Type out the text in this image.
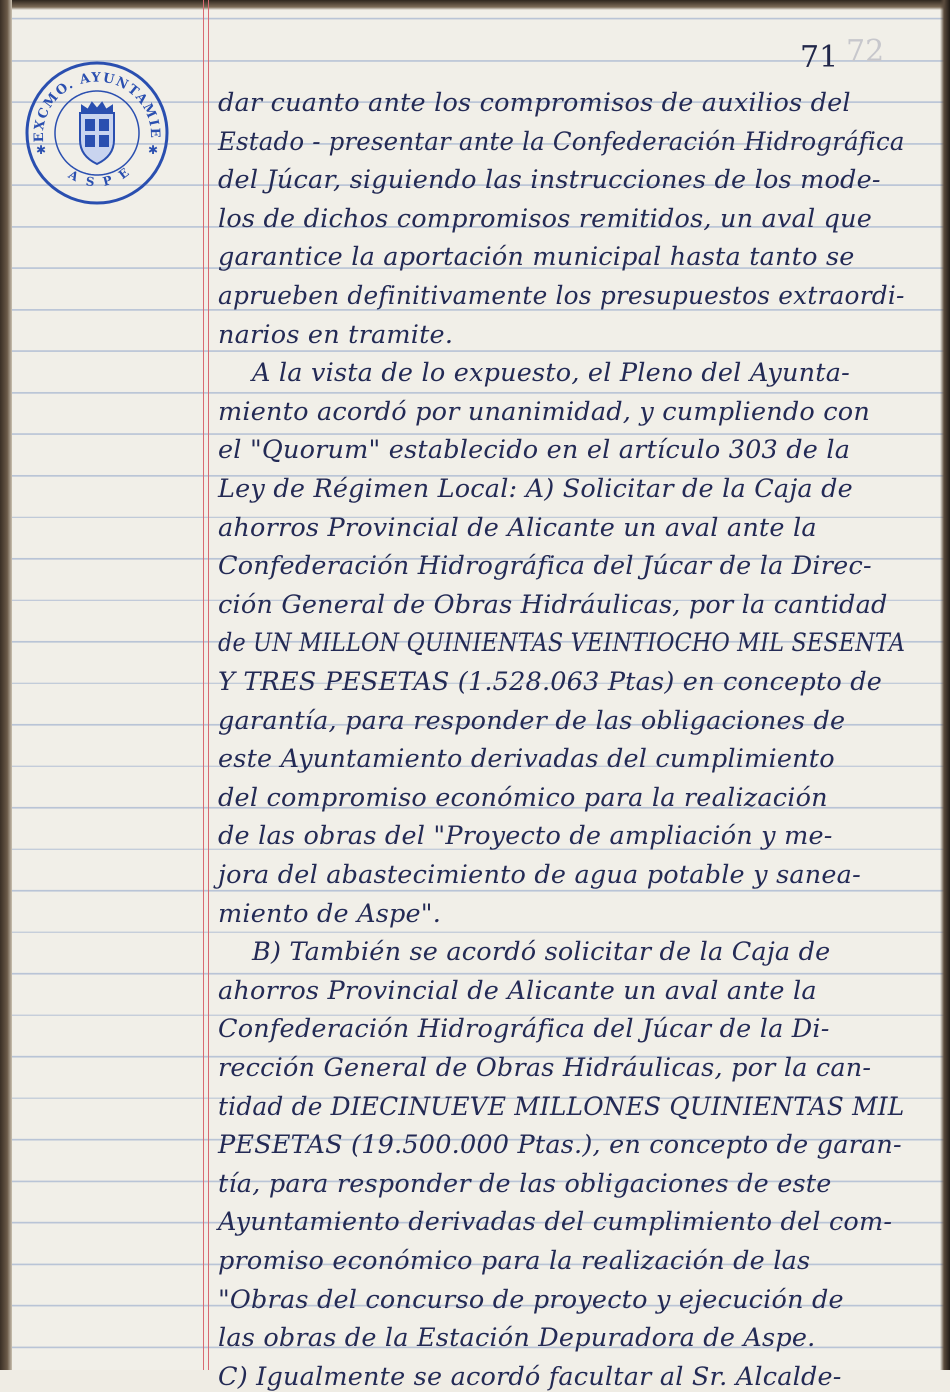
EXCMO. AYUNTAMIE
A S P E
✱	✱
72
71
dar cuanto ante los compromisos de auxilios del
Estado - presentar ante la Confederación Hidrográfica
del Júcar, siguiendo las instrucciones de los mode-
los de dichos compromisos remitidos, un aval que
garantice la aportación municipal hasta tanto se
aprueben definitivamente los presupuestos extraordi-
narios en tramite.
A la vista de lo expuesto, el Pleno del Ayunta-
miento acordó por unanimidad, y cumpliendo con
el "Quorum" establecido en el artículo 303 de la
Ley de Régimen Local: A) Solicitar de la Caja de
ahorros Provincial de Alicante un aval ante la
Confederación Hidrográfica del Júcar de la Direc-
ción General de Obras Hidráulicas, por la cantidad
de UN MILLON QUINIENTAS VEINTIOCHO MIL SESENTA
Y TRES PESETAS (1.528.063 Ptas) en concepto de
garantía, para responder de las obligaciones de
este Ayuntamiento derivadas del cumplimiento
del compromiso económico para la realización
de las obras del "Proyecto de ampliación y me-
jora del abastecimiento de agua potable y sanea-
miento de Aspe".
B) También se acordó solicitar de la Caja de
ahorros Provincial de Alicante un aval ante la
Confederación Hidrográfica del Júcar de la Di-
rección General de Obras Hidráulicas, por la can-
tidad de DIECINUEVE MILLONES QUINIENTAS MIL
PESETAS (19.500.000 Ptas.), en concepto de garan-
tía, para responder de las obligaciones de este
Ayuntamiento derivadas del cumplimiento del com-
promiso económico para la realización de las
"Obras del concurso de proyecto y ejecución de
las obras de la Estación Depuradora de Aspe.
C) Igualmente se acordó facultar al Sr. Alcalde-
